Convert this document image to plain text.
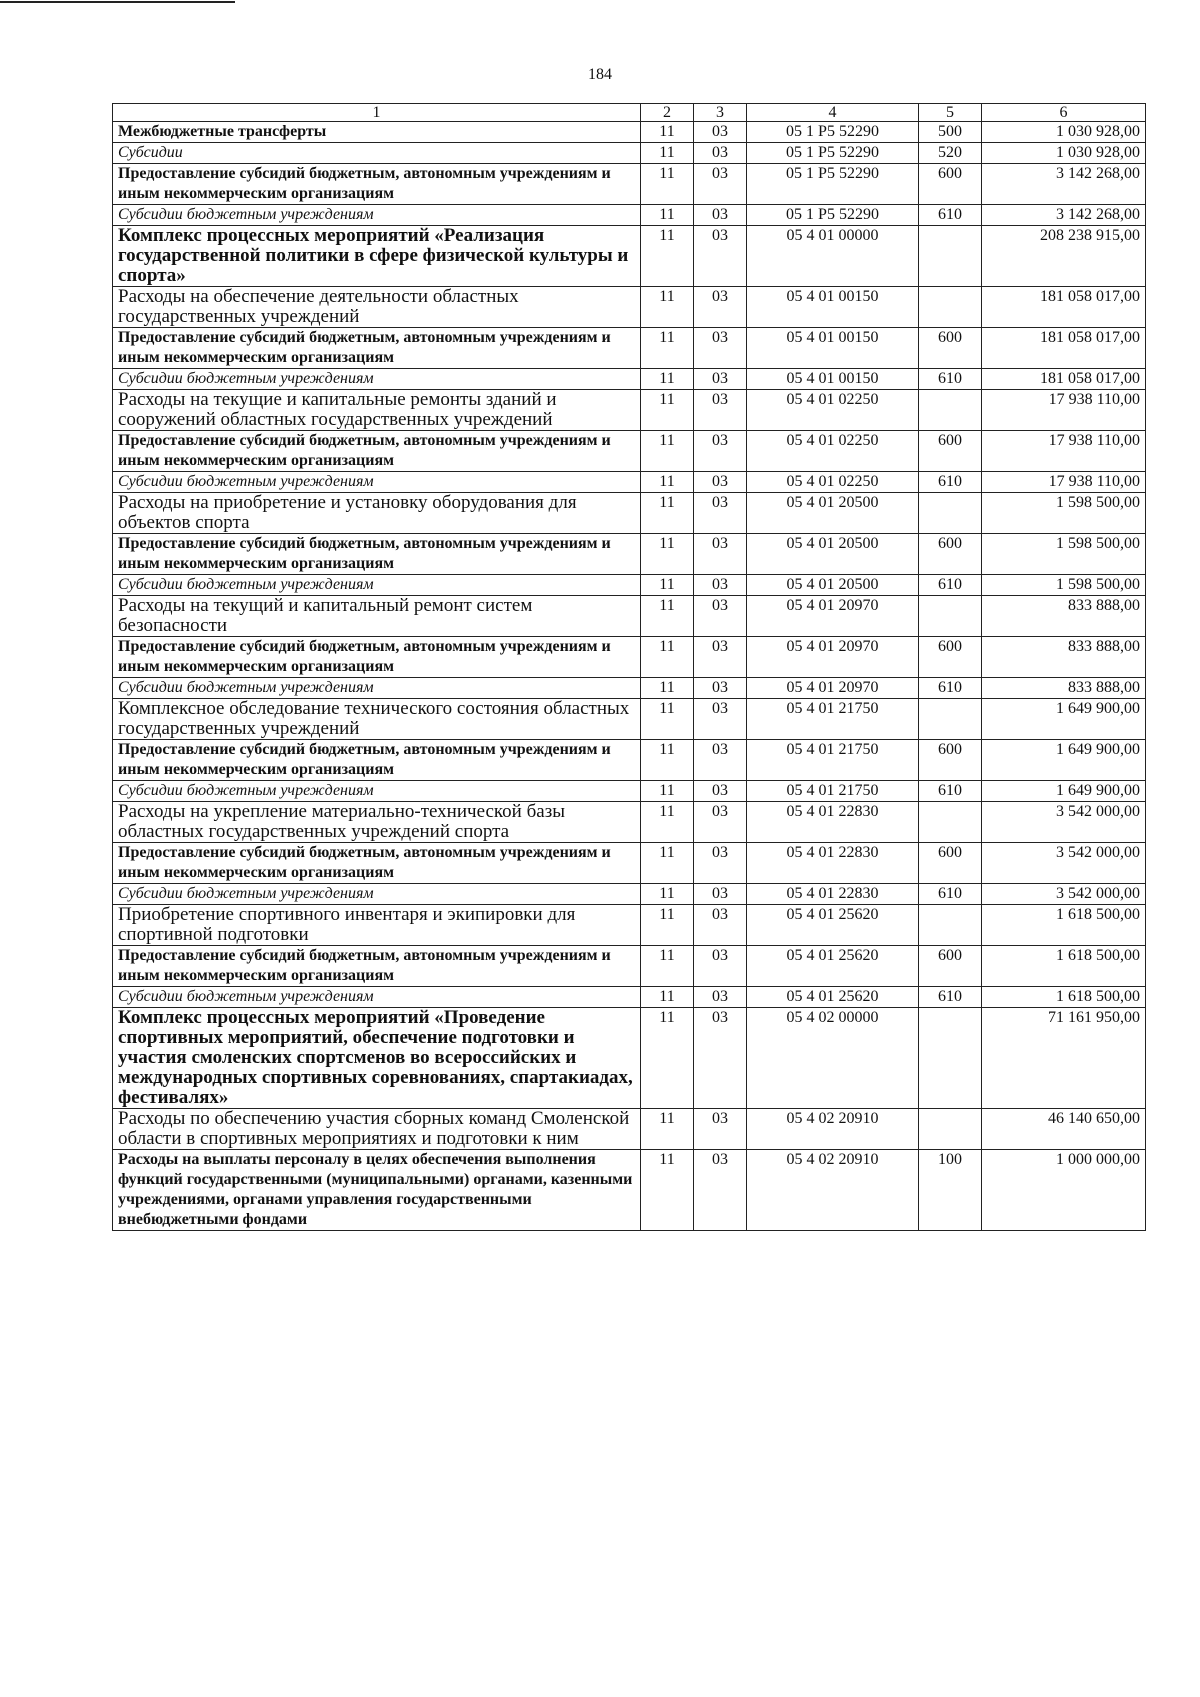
184
1	2	3	4	5	6
Межбюджетные трансферты	11	03	05 1 P5 52290	500	1 030 928,00
Субсидии	11	03	05 1 P5 52290	520	1 030 928,00
Предоставление субсидий бюджетным, автономным учреждениям и иным некоммерческим организациям	11	03	05 1 P5 52290	600	3 142 268,00
Субсидии бюджетным учреждениям	11	03	05 1 P5 52290	610	3 142 268,00
Комплекс процессных мероприятий «Реализация государственной политики в сфере физической культуры и спорта»	11	03	05 4 01 00000		208 238 915,00
Расходы на обеспечение деятельности областных государственных учреждений	11	03	05 4 01 00150		181 058 017,00
Предоставление субсидий бюджетным, автономным учреждениям и иным некоммерческим организациям	11	03	05 4 01 00150	600	181 058 017,00
Субсидии бюджетным учреждениям	11	03	05 4 01 00150	610	181 058 017,00
Расходы на текущие и капитальные ремонты зданий и сооружений областных государственных учреждений	11	03	05 4 01 02250		17 938 110,00
Предоставление субсидий бюджетным, автономным учреждениям и иным некоммерческим организациям	11	03	05 4 01 02250	600	17 938 110,00
Субсидии бюджетным учреждениям	11	03	05 4 01 02250	610	17 938 110,00
Расходы на приобретение и установку оборудования для объектов спорта	11	03	05 4 01 20500		1 598 500,00
Предоставление субсидий бюджетным, автономным учреждениям и иным некоммерческим организациям	11	03	05 4 01 20500	600	1 598 500,00
Субсидии бюджетным учреждениям	11	03	05 4 01 20500	610	1 598 500,00
Расходы на текущий и капитальный ремонт систем безопасности	11	03	05 4 01 20970		833 888,00
Предоставление субсидий бюджетным, автономным учреждениям и иным некоммерческим организациям	11	03	05 4 01 20970	600	833 888,00
Субсидии бюджетным учреждениям	11	03	05 4 01 20970	610	833 888,00
Комплексное обследование технического состояния областных государственных учреждений	11	03	05 4 01 21750		1 649 900,00
Предоставление субсидий бюджетным, автономным учреждениям и иным некоммерческим организациям	11	03	05 4 01 21750	600	1 649 900,00
Субсидии бюджетным учреждениям	11	03	05 4 01 21750	610	1 649 900,00
Расходы на укрепление материально-технической базы областных государственных учреждений спорта	11	03	05 4 01 22830		3 542 000,00
Предоставление субсидий бюджетным, автономным учреждениям и иным некоммерческим организациям	11	03	05 4 01 22830	600	3 542 000,00
Субсидии бюджетным учреждениям	11	03	05 4 01 22830	610	3 542 000,00
Приобретение спортивного инвентаря и экипировки для спортивной подготовки	11	03	05 4 01 25620		1 618 500,00
Предоставление субсидий бюджетным, автономным учреждениям и иным некоммерческим организациям	11	03	05 4 01 25620	600	1 618 500,00
Субсидии бюджетным учреждениям	11	03	05 4 01 25620	610	1 618 500,00
Комплекс процессных мероприятий «Проведение спортивных мероприятий, обеспечение подготовки и участия смоленских спортсменов во всероссийских и международных спортивных соревнованиях, спартакиадах, фестивалях»	11	03	05 4 02 00000		71 161 950,00
Расходы по обеспечению участия сборных команд Смоленской области в спортивных мероприятиях и подготовки к ним	11	03	05 4 02 20910		46 140 650,00
Расходы на выплаты персоналу в целях обеспечения выполнения функций государственными (муниципальными) органами, казенными учреждениями, органами управления государственными внебюджетными фондами	11	03	05 4 02 20910	100	1 000 000,00
